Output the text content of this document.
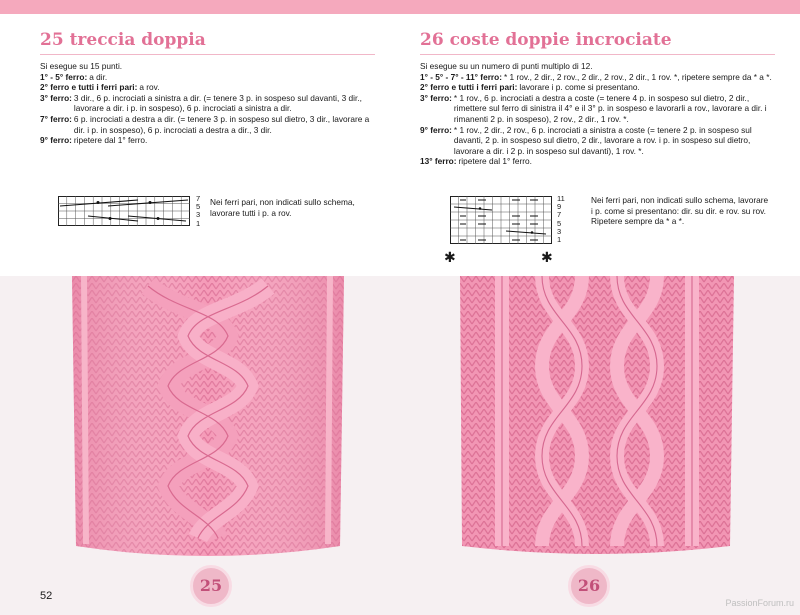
25 treccia doppia
Si esegue su 15 punti.
1° - 5° ferro: a dir.
2° ferro e tutti i ferri pari: a rov.
3° ferro: 3 dir., 6 p. incrociati a sinistra a dir. (= tenere 3 p. in sospeso sul davanti, 3 dir., lavorare a dir. i p. in sospeso), 6 p. incrociati a sinistra a dir.
7° ferro: 6 p. incrociati a destra a dir. (= tenere 3 p. in sospeso sul dietro, 3 dir., lavorare a dir. i p. in sospeso), 6 p. incrociati a destra a dir., 3 dir.
9° ferro: ripetere dal 1° ferro.
7
5
3
1
Nei ferri pari, non indicati sullo schema, lavorare tutti i p. a rov.
26 coste doppie incrociate
Si esegue su un numero di punti multiplo di 12.
1° - 5° - 7° - 11° ferro: * 1 rov., 2 dir., 2 rov., 2 dir., 2 rov., 2 dir., 1 rov. *, ripetere sempre da * a *.
2° ferro e tutti i ferri pari: lavorare i p. come si presentano.
3° ferro: * 1 rov., 6 p. incrociati a destra a coste (= tenere 4 p. in sospeso sul dietro, 2 dir., rimettere sul ferro di sinistra il 4° e il 3° p. in sospeso e lavorarli a rov., lavorare a dir. i rimanenti 2 p. in sospeso), 2 rov., 2 dir., 1 rov. *.
9° ferro: * 1 rov., 2 dir., 2 rov., 6 p. incrociati a sinistra a coste (= tenere 2 p. in sospeso sul davanti, 2 p. in sospeso sul dietro, 2 dir., lavorare a rov. i p. in sospeso sul dietro, lavorare a dir. i 2 p. in sospeso sul davanti), 1 rov. *.
13° ferro: ripetere dal 1° ferro.
11
9
7
5
3
1
✱	✱
Nei ferri pari, non indicati sullo schema, lavorare i p. come si presentano: dir. su dir. e rov. su rov.
Ripetere sempre da * a *.
25	26
52
PassionForum.ru
